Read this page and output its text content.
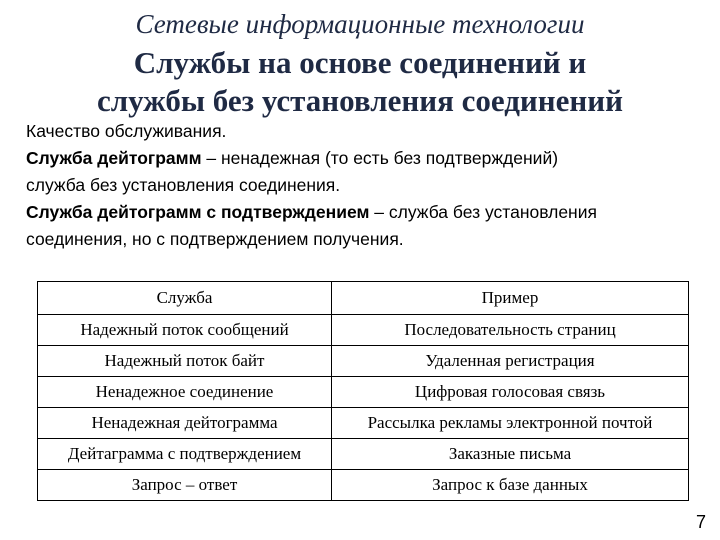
Сетевые информационные технологии
Службы на основе соединений и
службы без установления соединений
Качество обслуживания.
Служба дейтограмм – ненадежная (то есть без подтверждений)
служба без установления соединения.
Служба дейтограмм с подтверждением – служба без установления
соединения, но с подтверждением получения.
Служба	Пример
Надежный поток сообщений	Последовательность страниц
Надежный поток байт	Удаленная регистрация
Ненадежное соединение	Цифровая голосовая связь
Ненадежная дейтограмма	Рассылка рекламы электронной почтой
Дейтаграмма с подтверждением	Заказные письма
Запрос – ответ	Запрос к базе данных
7
